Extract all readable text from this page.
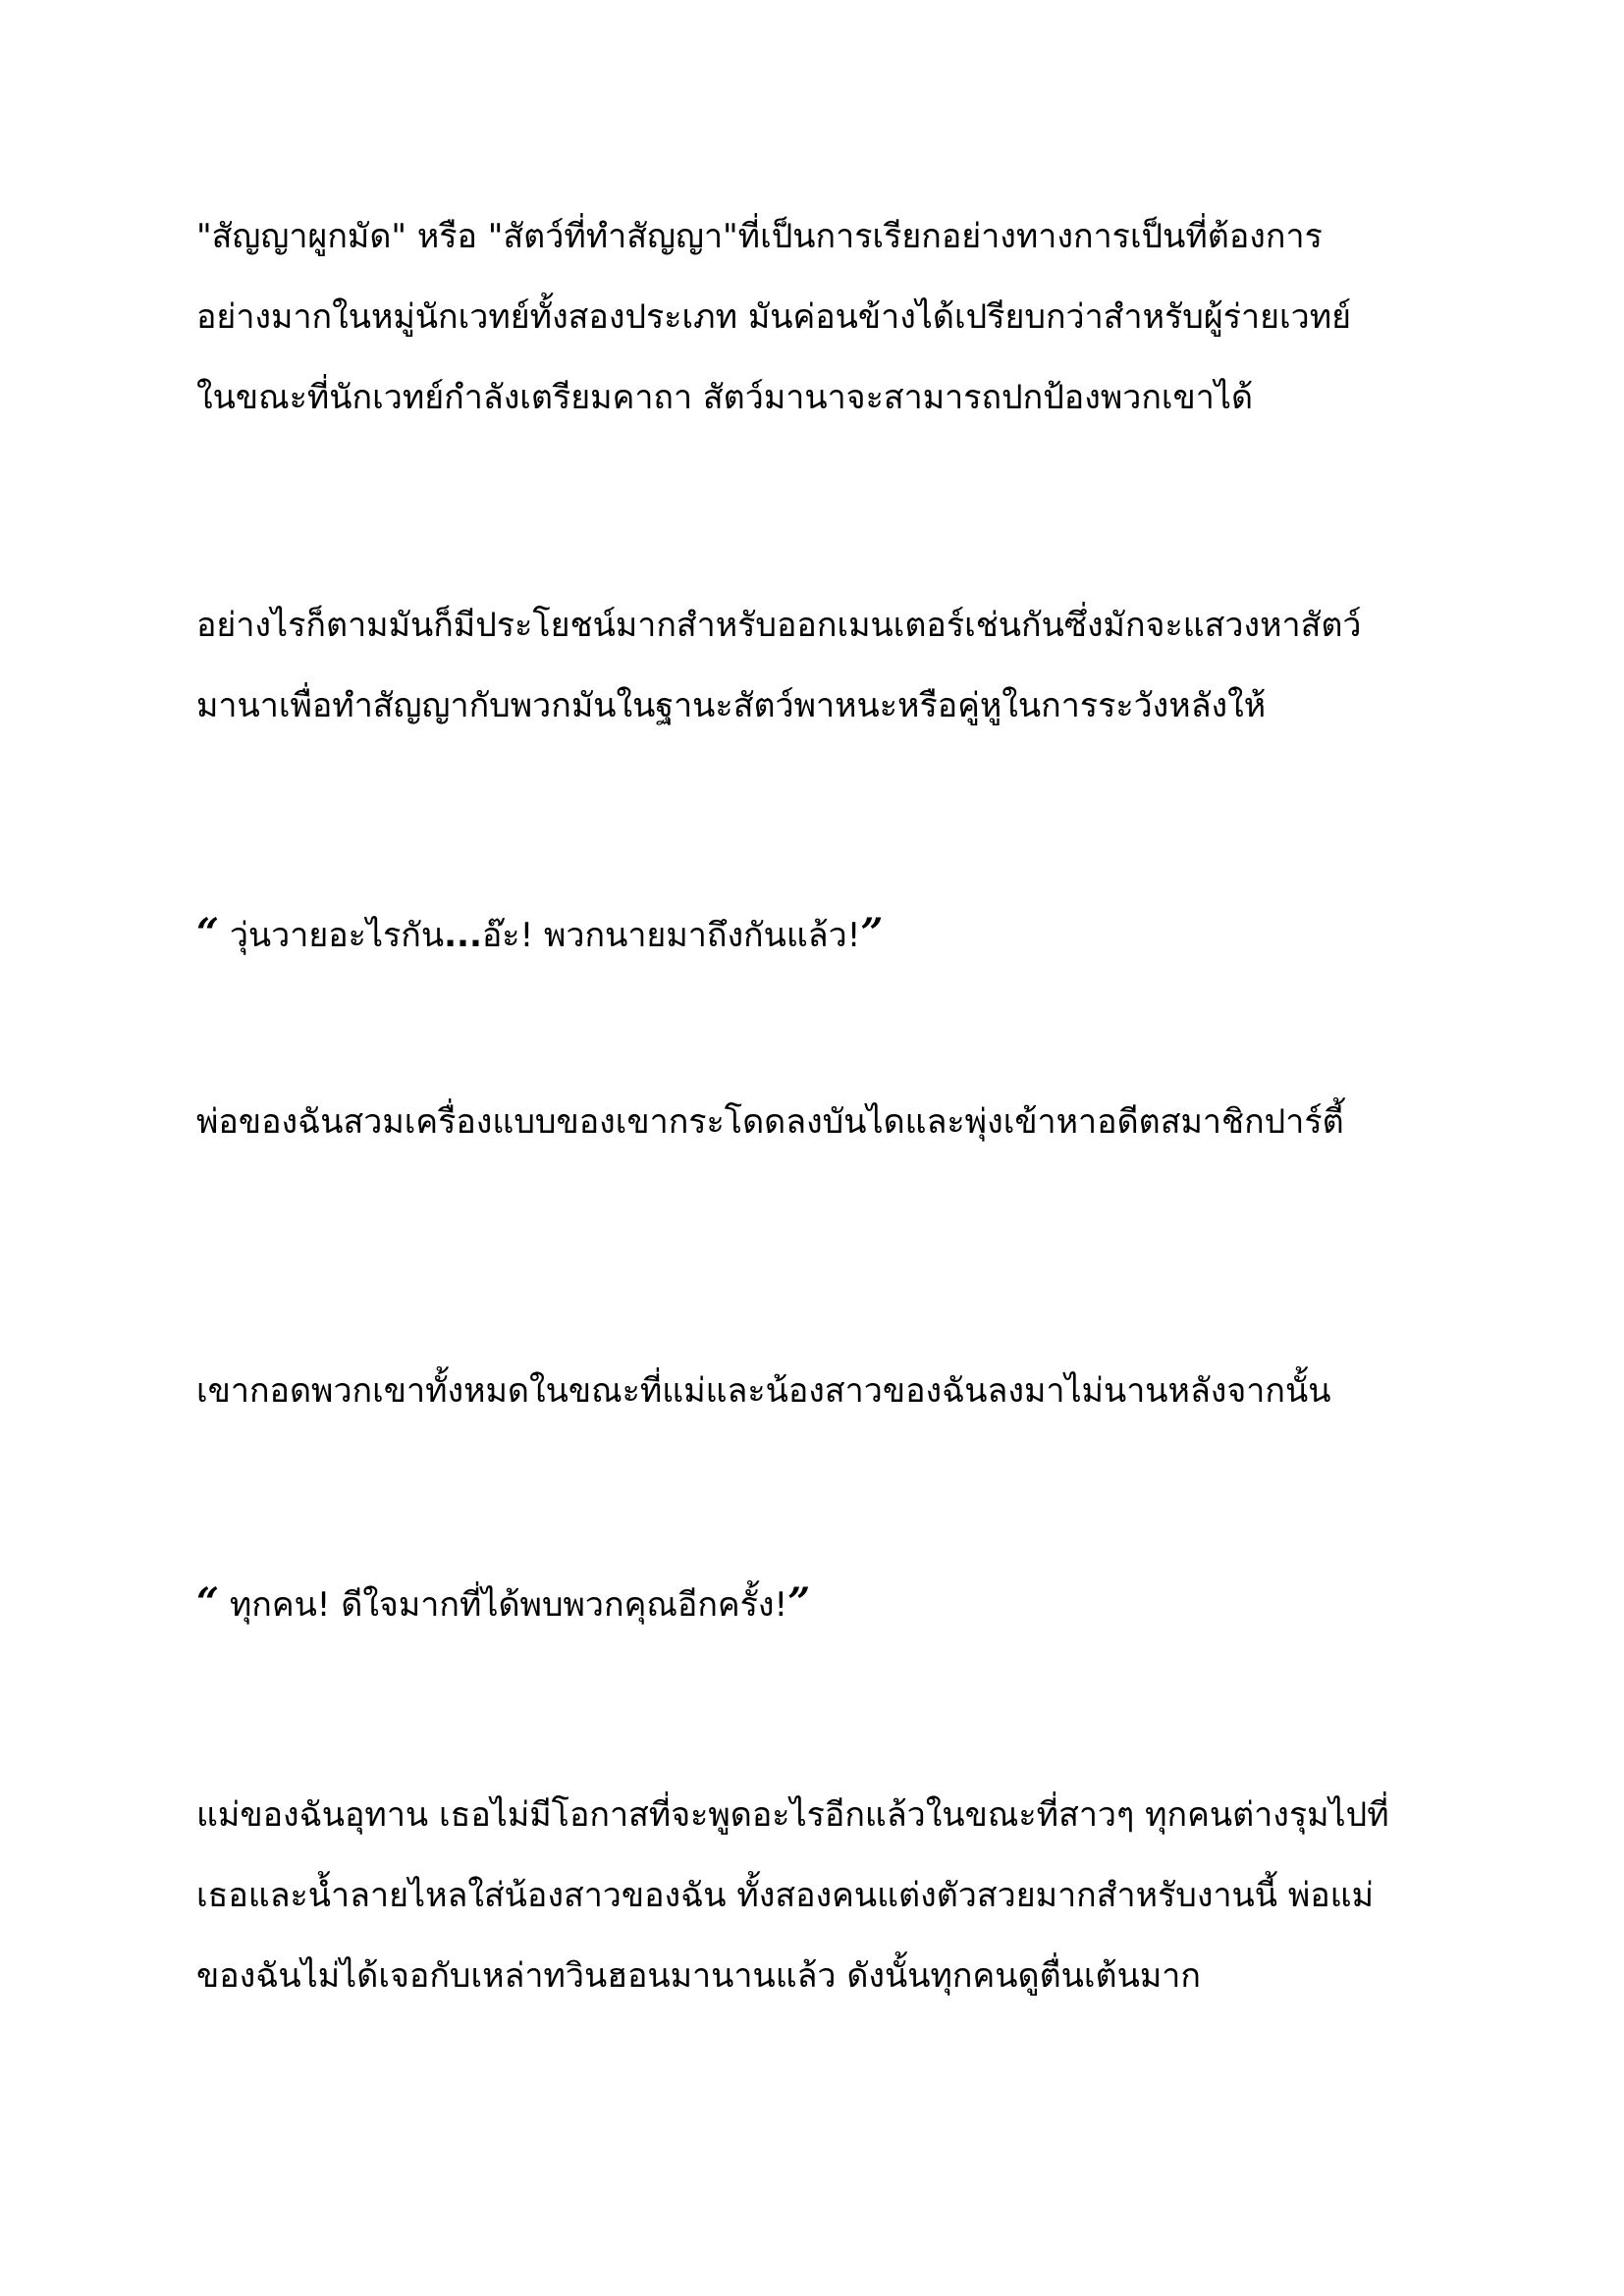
"สัญญาผูกมัด" หรือ "สัตว์ที่ทำสัญญา"ที่เป็นการเรียกอย่างทางการเป็นที่ต้องการ
อย่างมากในหมู่นักเวทย์ทั้งสองประเภท มันค่อนข้างได้เปรียบกว่าสำหรับผู้ร่ายเวทย์
ในขณะที่นักเวทย์กำลังเตรียมคาถา สัตว์มานาจะสามารถปกป้องพวกเขาได้
อย่างไรก็ตามมันก็มีประโยชน์มากสำหรับออกเมนเตอร์เช่นกันซึ่งมักจะแสวงหาสัตว์
มานาเพื่อทำสัญญากับพวกมันในฐานะสัตว์พาหนะหรือคู่หูในการระวังหลังให้
“ วุ่นวายอะไรกัน...อ๊ะ! พวกนายมาถึงกันแล้ว!”
พ่อของฉันสวมเครื่องแบบของเขากระโดดลงบันไดและพุ่งเข้าหาอดีตสมาชิกปาร์ตี้
เขากอดพวกเขาทั้งหมดในขณะที่แม่และน้องสาวของฉันลงมาไม่นานหลังจากนั้น
“ ทุกคน! ดีใจมากที่ได้พบพวกคุณอีกครั้ง!”
แม่ของฉันอุทาน เธอไม่มีโอกาสที่จะพูดอะไรอีกแล้วในขณะที่สาวๆ ทุกคนต่างรุมไปที่
เธอและน้ำลายไหลใส่น้องสาวของฉัน ทั้งสองคนแต่งตัวสวยมากสำหรับงานนี้ พ่อแม่
ของฉันไม่ได้เจอกับเหล่าทวินฮอนมานานแล้ว ดังนั้นทุกคนดูตื่นเต้นมาก
